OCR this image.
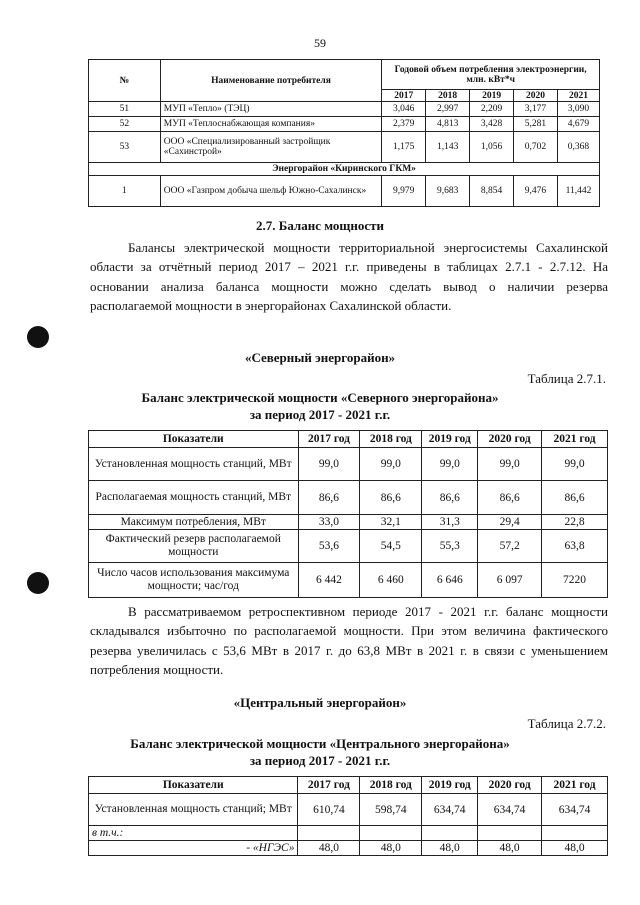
59
№	Наименование потребителя	Годовой объем потребления электроэнергии, млн. кВт*ч				
		2017	2018	2019	2020	2021
51	МУП «Тепло» (ТЭЦ)	3,046	2,997	2,209	3,177	3,090
52	МУП «Теплоснабжающая компания»	2,379	4,813	3,428	5,281	4,679
53	ООО «Специализированный застройщик «Сахинстрой»	1,175	1,143	1,056	0,702	0,368
Энергорайон «Киринского ГКМ»						
1	ООО «Газпром добыча шельф Южно-Сахалинск»	9,979	9,683	8,854	9,476	11,442
2.7. Баланс мощности
Балансы электрической мощности территориальной энергосистемы Сахалинской области за отчётный период 2017 – 2021 г.г. приведены в таблицах 2.7.1 - 2.7.12. На основании анализа баланса мощности можно сделать вывод о наличии резерва располагаемой мощности в энергорайонах Сахалинской области.
«Северный энергорайон»
Таблица 2.7.1.
Баланс электрической мощности «Северного энергорайона»
за период 2017 - 2021 г.г.
Показатели	2017 год	2018 год	2019 год	2020 год	2021 год
Установленная мощность станций, МВт	99,0	99,0	99,0	99,0	99,0
Располагаемая мощность станций, МВт	86,6	86,6	86,6	86,6	86,6
Максимум потребления, МВт	33,0	32,1	31,3	29,4	22,8
Фактический резерв располагаемой мощности	53,6	54,5	55,3	57,2	63,8
Число часов использования максимума мощности; час/год	6 442	6 460	6 646	6 097	7220
В рассматриваемом ретроспективном периоде 2017 - 2021 г.г. баланс мощности складывался избыточно по располагаемой мощности. При этом величина фактического резерва увеличилась с 53,6 МВт в 2017 г. до 63,8 МВт в 2021 г. в связи с уменьшением потребления мощности.
«Центральный энергорайон»
Таблица 2.7.2.
Баланс электрической мощности «Центрального энергорайона»
за период 2017 - 2021 г.г.
Показатели	2017 год	2018 год	2019 год	2020 год	2021 год
Установленная мощность станций; МВт	610,74	598,74	634,74	634,74	634,74
в т.ч.:					
- «НГЭС»	48,0	48,0	48,0	48,0	48,0
